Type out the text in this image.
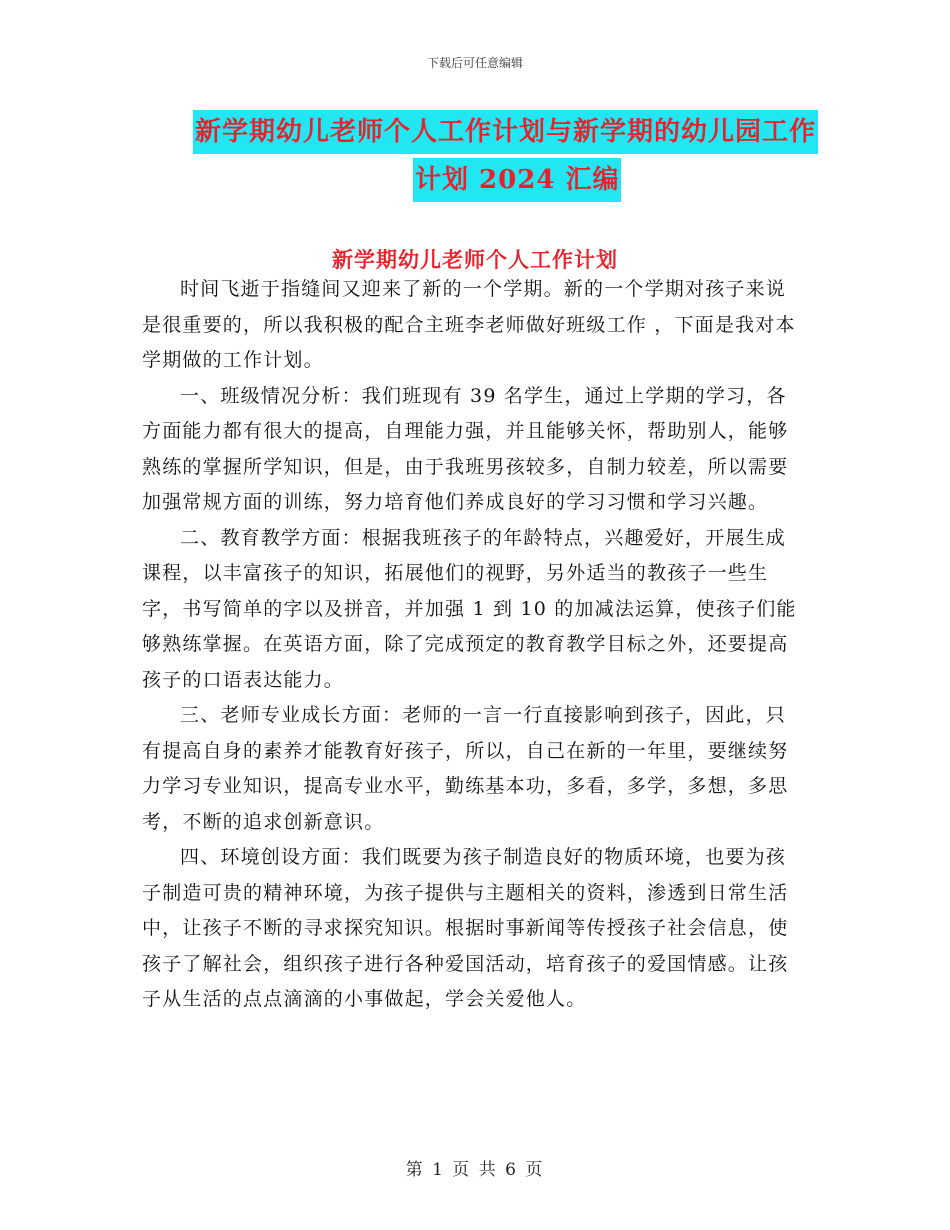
下载后可任意编辑
新学期幼儿老师个人工作计划与新学期的幼儿园工作
计划 2024 汇编
新学期幼儿老师个人工作计划

时间飞逝于指缝间又迎来了新的一个学期。新的一个学期对孩子来说是很重要的，所以我积极的配合主班李老师做好班级工作 ，下面是我对本学期做的工作计划。

一、班级情况分析：我们班现有 39 名学生，通过上学期的学习，各方面能力都有很大的提高，自理能力强，并且能够关怀，帮助别人，能够熟练的掌握所学知识，但是，由于我班男孩较多，自制力较差，所以需要加强常规方面的训练，努力培育他们养成良好的学习习惯和学习兴趣。

二、教育教学方面：根据我班孩子的年龄特点，兴趣爱好，开展生成课程，以丰富孩子的知识，拓展他们的视野，另外适当的教孩子一些生字，书写简单的字以及拼音，并加强 1 到 10 的加减法运算，使孩子们能够熟练掌握。在英语方面，除了完成预定的教育教学目标之外，还要提高孩子的口语表达能力。

三、老师专业成长方面：老师的一言一行直接影响到孩子，因此，只有提高自身的素养才能教育好孩子，所以，自己在新的一年里，要继续努力学习专业知识，提高专业水平，勤练基本功，多看，多学，多想，多思考，不断的追求创新意识。

四、环境创设方面：我们既要为孩子制造良好的物质环境，也要为孩子制造可贵的精神环境，为孩子提供与主题相关的资料，渗透到日常生活中，让孩子不断的寻求探究知识。根据时事新闻等传授孩子社会信息，使孩子了解社会，组织孩子进行各种爱国活动，培育孩子的爱国情感。让孩子从生活的点点滴滴的小事做起，学会关爱他人。

第 1 页 共 6 页
